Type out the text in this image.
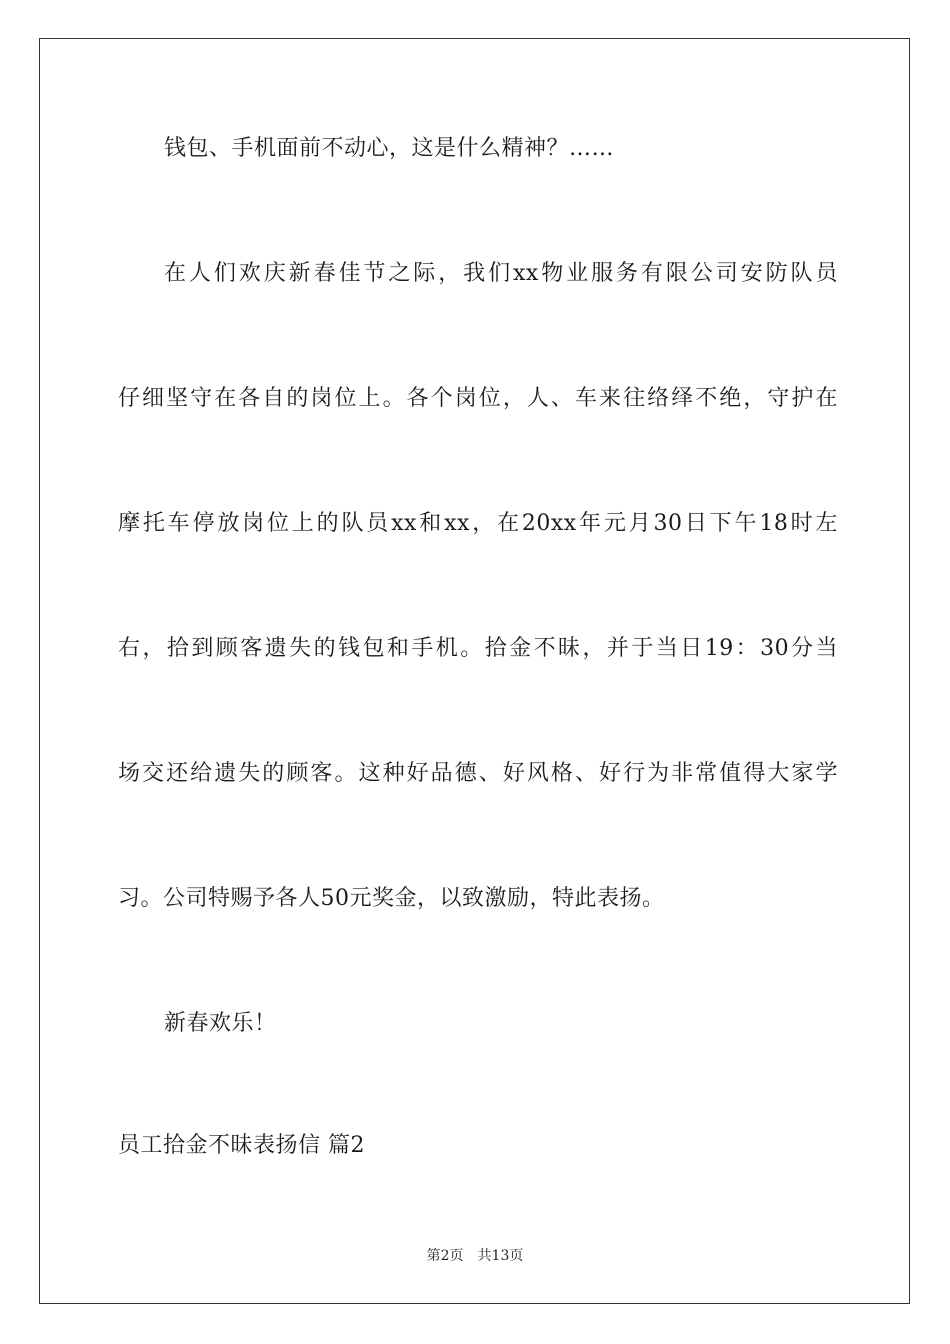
钱包、手机面前不动心，这是什么精神？……
在人们欢庆新春佳节之际，我们xx物业服务有限公司安防队员
仔细坚守在各自的岗位上。各个岗位，人、车来往络绎不绝，守护在
摩托车停放岗位上的队员xx和xx，在20xx年元月30日下午18时左
右，拾到顾客遗失的钱包和手机。拾金不昧，并于当日19：30分当
场交还给遗失的顾客。这种好品德、好风格、好行为非常值得大家学
习。公司特赐予各人50元奖金，以致激励，特此表扬。
新春欢乐！
员工拾金不昧表扬信 篇2
第2页 共13页
